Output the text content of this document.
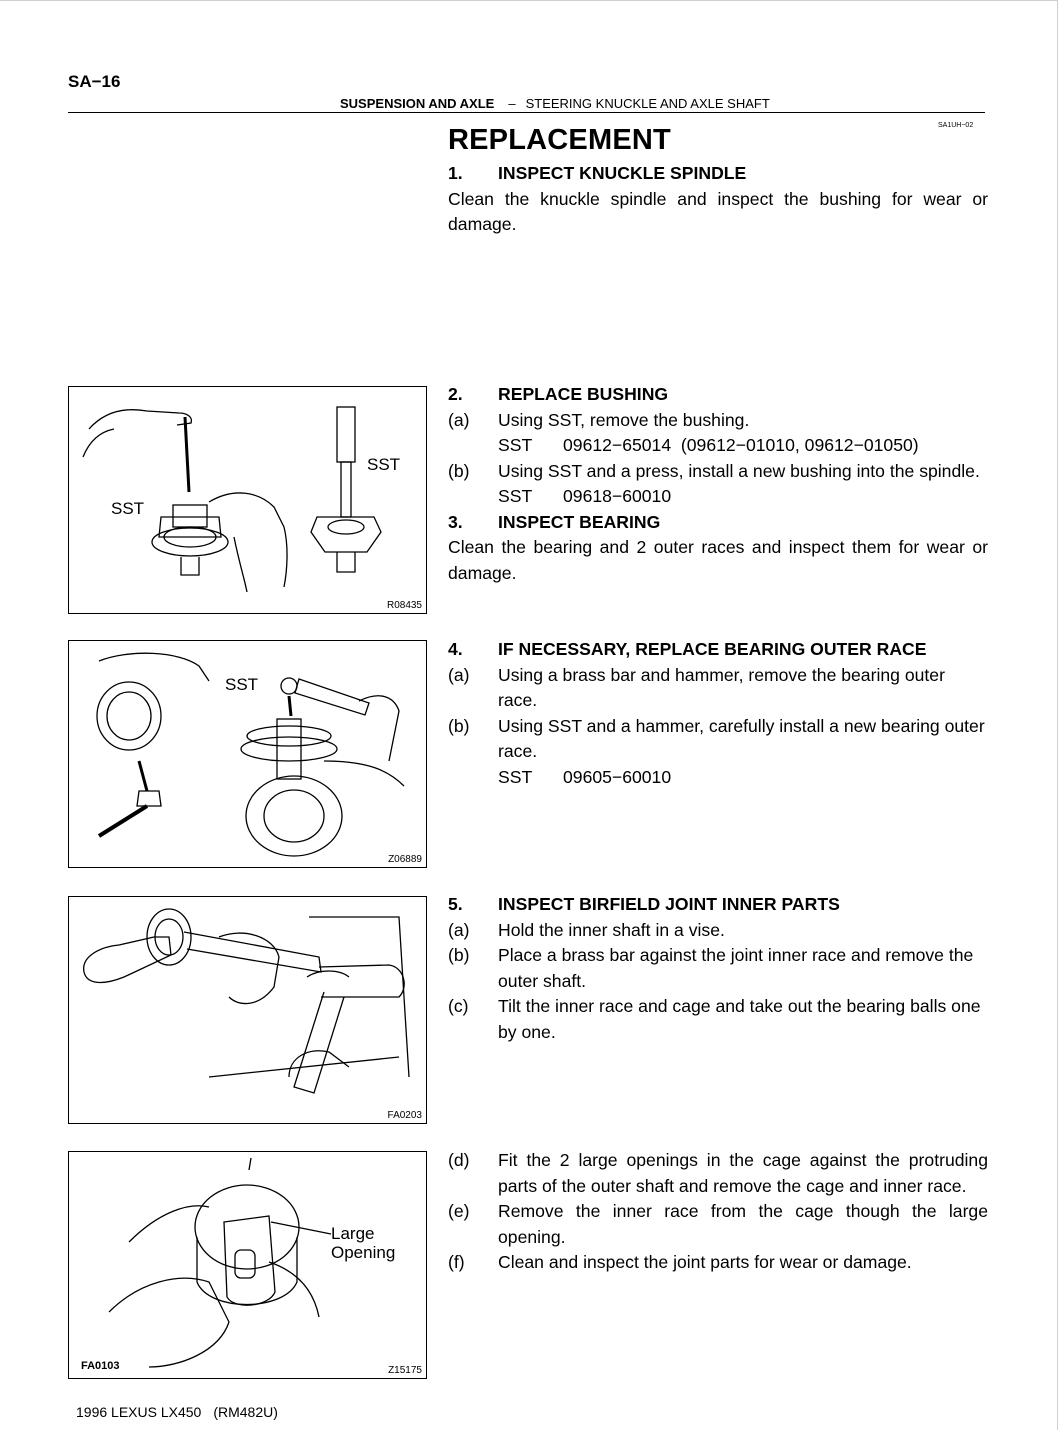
SA−16
SUSPENSION AND AXLE – STEERING KNUCKLE AND AXLE SHAFT
SA1UH−02
REPLACEMENT
1.	INSPECT KNUCKLE SPINDLE
Clean the knuckle spindle and inspect the bushing for wear or damage.
2.	REPLACE BUSHING
(a)	Using SST, remove the bushing.
SST	09612−65014  (09612−01010, 09612−01050)
(b)	Using SST and a press, install a new bushing into the spindle.
SST	09618−60010
3.	INSPECT BEARING
Clean the bearing and 2 outer races and inspect them for wear or damage.
4.	IF NECESSARY, REPLACE BEARING OUTER RACE
(a)	Using a brass bar and hammer, remove the bearing outer race.
(b)	Using SST and a hammer, carefully install a new bearing outer race.
SST	09605−60010
5.	INSPECT BIRFIELD JOINT INNER PARTS
(a)	Hold the inner shaft in a vise.
(b)	Place a brass bar against the joint inner race and remove the outer shaft.
(c)	Tilt the inner race and cage and take out the bearing balls one by one.
(d)	Fit the 2 large openings in the cage against the protruding parts of the outer shaft and remove the cage and inner race.
(e)	Remove the inner race from the cage though the large opening.
(f)	Clean and inspect the joint parts for wear or damage.
SST
SST
R08435
SST
Z06889
FA0203
Large
Opening
FA0103	Z15175
1996 LEXUS LX450 (RM482U)
